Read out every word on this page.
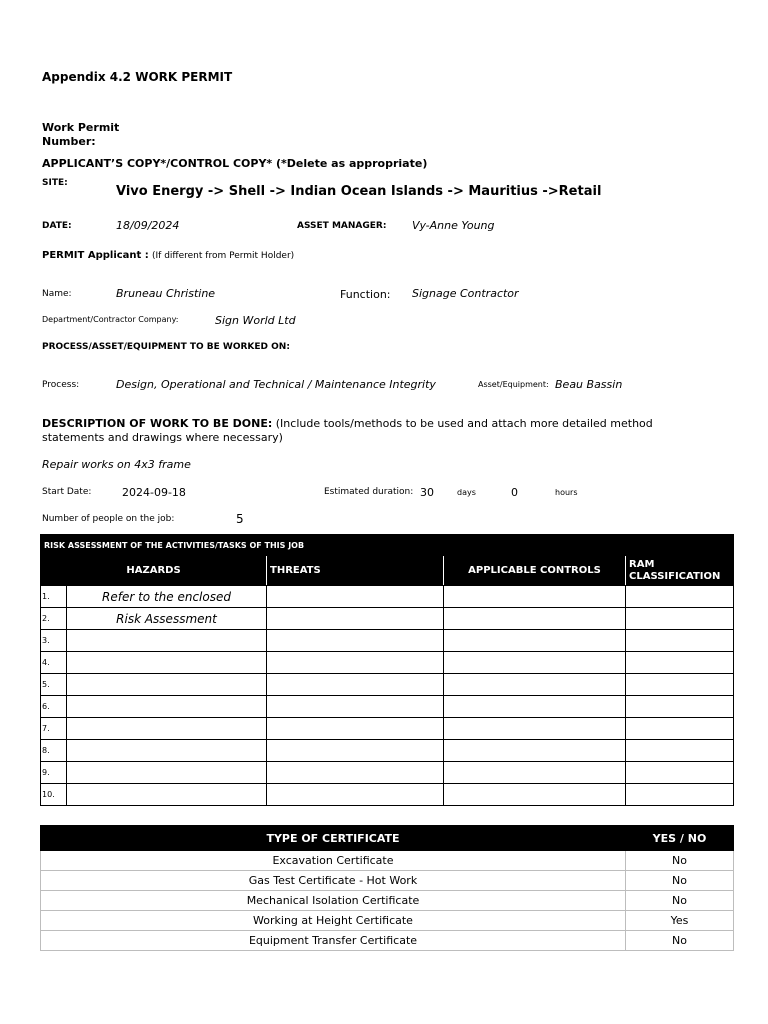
Appendix 4.2 WORK PERMIT
Work Permit Number:
APPLICANT’S COPY*/CONTROL COPY* (*Delete as appropriate)
SITE:
Vivo Energy -> Shell -> Indian Ocean Islands -> Mauritius ->Retail
DATE:	18/09/2024	ASSET MANAGER: Vy-Anne Young
PERMIT Applicant : (If different from Permit Holder)
Name:	Bruneau Christine	Function: Signage Contractor
Department/Contractor Company:	Sign World Ltd
PROCESS/ASSET/EQUIPMENT TO BE WORKED ON:
Process:	Design, Operational and Technical / Maintenance Integrity	Asset/Equipment: Beau Bassin
DESCRIPTION OF WORK TO BE DONE: (Include tools/methods to be used and attach more detailed method
statements and drawings where necessary)
Repair works on 4x3 frame
Start Date:	2024-09-18	Estimated duration: 30	days	0	hours
Number of people on the job:	5
RISK ASSESSMENT OF THE ACTIVITIES/TASKS OF THIS JOB				
HAZARDS		THREATS	APPLICABLE CONTROLS	RAM
CLASSIFICATION

1.	Refer to the enclosed			
2.	Risk Assessment			
3.				
4.				
5.				
6.				
7.				
8.				
9.				
10.				
TYPE OF CERTIFICATE	YES / NO
Excavation Certificate	No
Gas Test Certificate - Hot Work	No
Mechanical Isolation Certificate	No
Working at Height Certificate	Yes
Equipment Transfer Certificate	No
